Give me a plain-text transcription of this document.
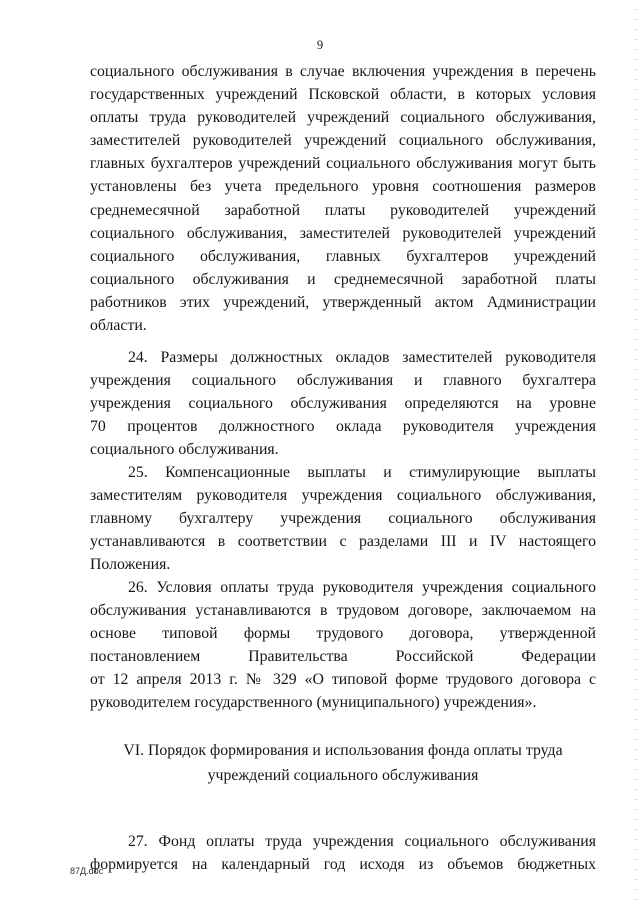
9
социального обслуживания в случае включения учреждения в перечень
государственных учреждений Псковской области, в которых условия
оплаты труда руководителей учреждений социального обслуживания,
заместителей руководителей учреждений социального обслуживания,
главных бухгалтеров учреждений социального обслуживания могут быть
установлены без учета предельного уровня соотношения размеров
среднемесячной заработной платы руководителей учреждений
социального обслуживания, заместителей руководителей учреждений
социального обслуживания, главных бухгалтеров учреждений
социального обслуживания и среднемесячной заработной платы
работников этих учреждений, утвержденный актом Администрации
области.
24. Размеры должностных окладов заместителей руководителя
учреждения социального обслуживания и главного бухгалтера
учреждения социального обслуживания определяются на уровне
70 процентов должностного оклада руководителя учреждения
социального обслуживания.
25. Компенсационные выплаты и стимулирующие выплаты
заместителям руководителя учреждения социального обслуживания,
главному бухгалтеру учреждения социального обслуживания
устанавливаются в соответствии с разделами III и IV настоящего
Положения.
26. Условия оплаты труда руководителя учреждения социального
обслуживания устанавливаются в трудовом договоре, заключаемом на
основе типовой формы трудового договора, утвержденной
постановлением Правительства Российской Федерации
от 12 апреля 2013 г. № 329 «О типовой форме трудового договора с
руководителем государственного (муниципального) учреждения».
VI. Порядок формирования и использования фонда оплаты труда
учреждений социального обслуживания
27. Фонд оплаты труда учреждения социального обслуживания
формируется на календарный год исходя из объемов бюджетных
87Д.doc
